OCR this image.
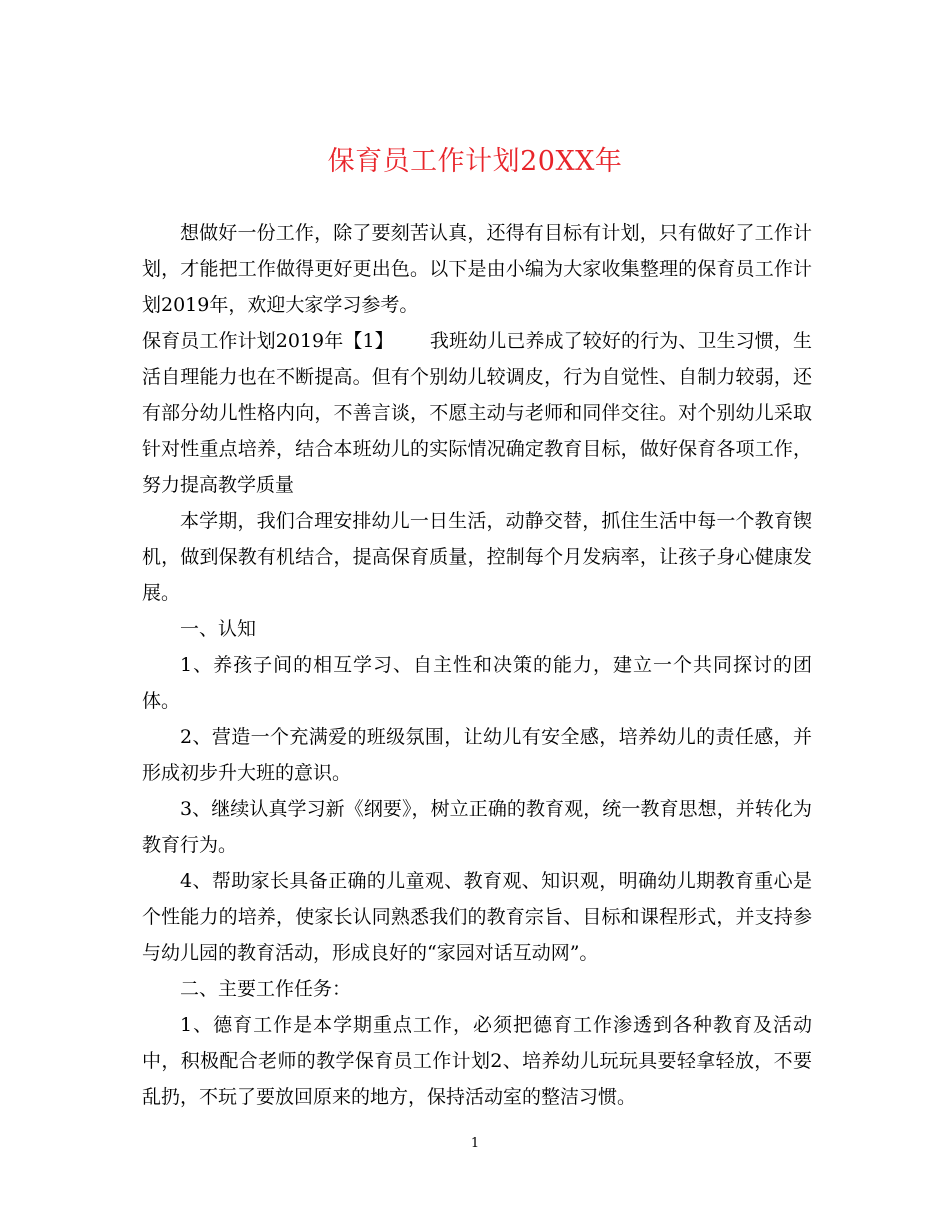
保育员工作计划20XX年

想做好一份工作，除了要刻苦认真，还得有目标有计划，只有做好了工作计划，才能把工作做得更好更出色。以下是由小编为大家收集整理的保育员工作计划2019年，欢迎大家学习参考。

保育员工作计划2019年【1】 我班幼儿已养成了较好的行为、卫生习惯，生活自理能力也在不断提高。但有个别幼儿较调皮，行为自觉性、自制力较弱，还有部分幼儿性格内向，不善言谈，不愿主动与老师和同伴交往。对个别幼儿采取针对性重点培养，结合本班幼儿的实际情况确定教育目标，做好保育各项工作，努力提高教学质量

本学期，我们合理安排幼儿一日生活，动静交替，抓住生活中每一个教育锲机，做到保教有机结合，提高保育质量，控制每个月发病率，让孩子身心健康发展。

一、认知

1、养孩子间的相互学习、自主性和决策的能力，建立一个共同探讨的团体。

2、营造一个充满爱的班级氛围，让幼儿有安全感，培养幼儿的责任感，并形成初步升大班的意识。

3、继续认真学习新《纲要》，树立正确的教育观，统一教育思想，并转化为教育行为。

4、帮助家长具备正确的儿童观、教育观、知识观，明确幼儿期教育重心是个性能力的培养，使家长认同熟悉我们的教育宗旨、目标和课程形式，并支持参与幼儿园的教育活动，形成良好的“家园对话互动网”。

二、主要工作任务：

1、德育工作是本学期重点工作，必须把德育工作渗透到各种教育及活动中，积极配合老师的教学保育员工作计划2、培养幼儿玩玩具要轻拿轻放，不要乱扔，不玩了要放回原来的地方，保持活动室的整洁习惯。

1
